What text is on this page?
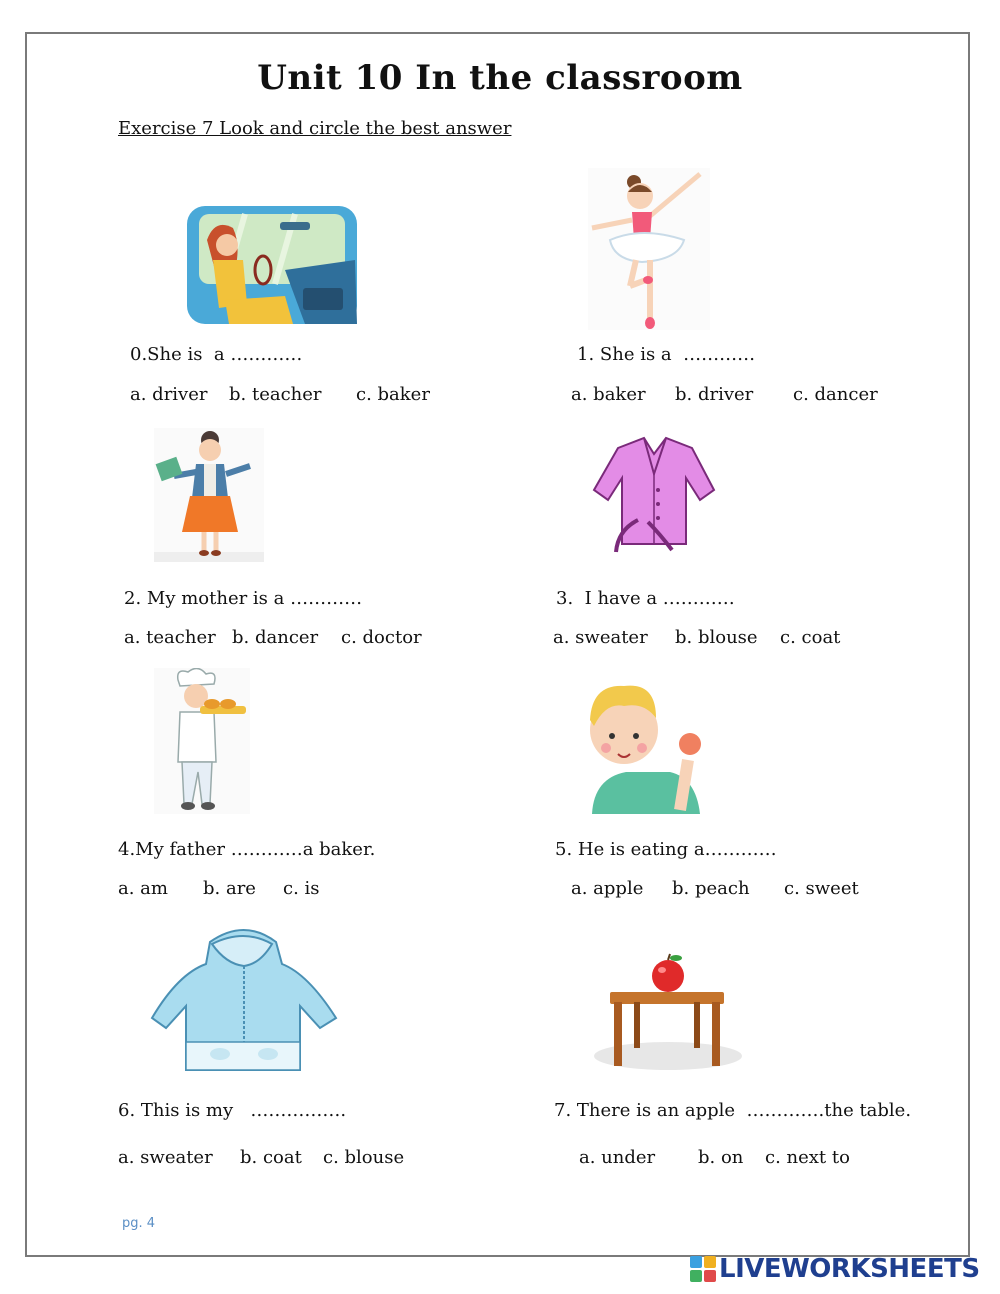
Unit 10 In the classroom
Exercise 7 Look and circle the best answer
0.She is  a …………
a. driver b. teacher c. baker
1. She is a  …………
a. baker b. driver c. dancer
2. My mother is a …………
a. teacher b. dancer c. doctor
3.  I have a …………
a. sweater b. blouse c. coat
4.My father …………a baker.
a. am b. are c. is
5. He is eating a…………
a. apple b. peach c. sweet
6. This is my   …………….
a. sweater b. coat c. blouse
7. There is an apple  ………….the table.
a. under b. on c. next to
pg. 4
LIVEWORKSHEETS
